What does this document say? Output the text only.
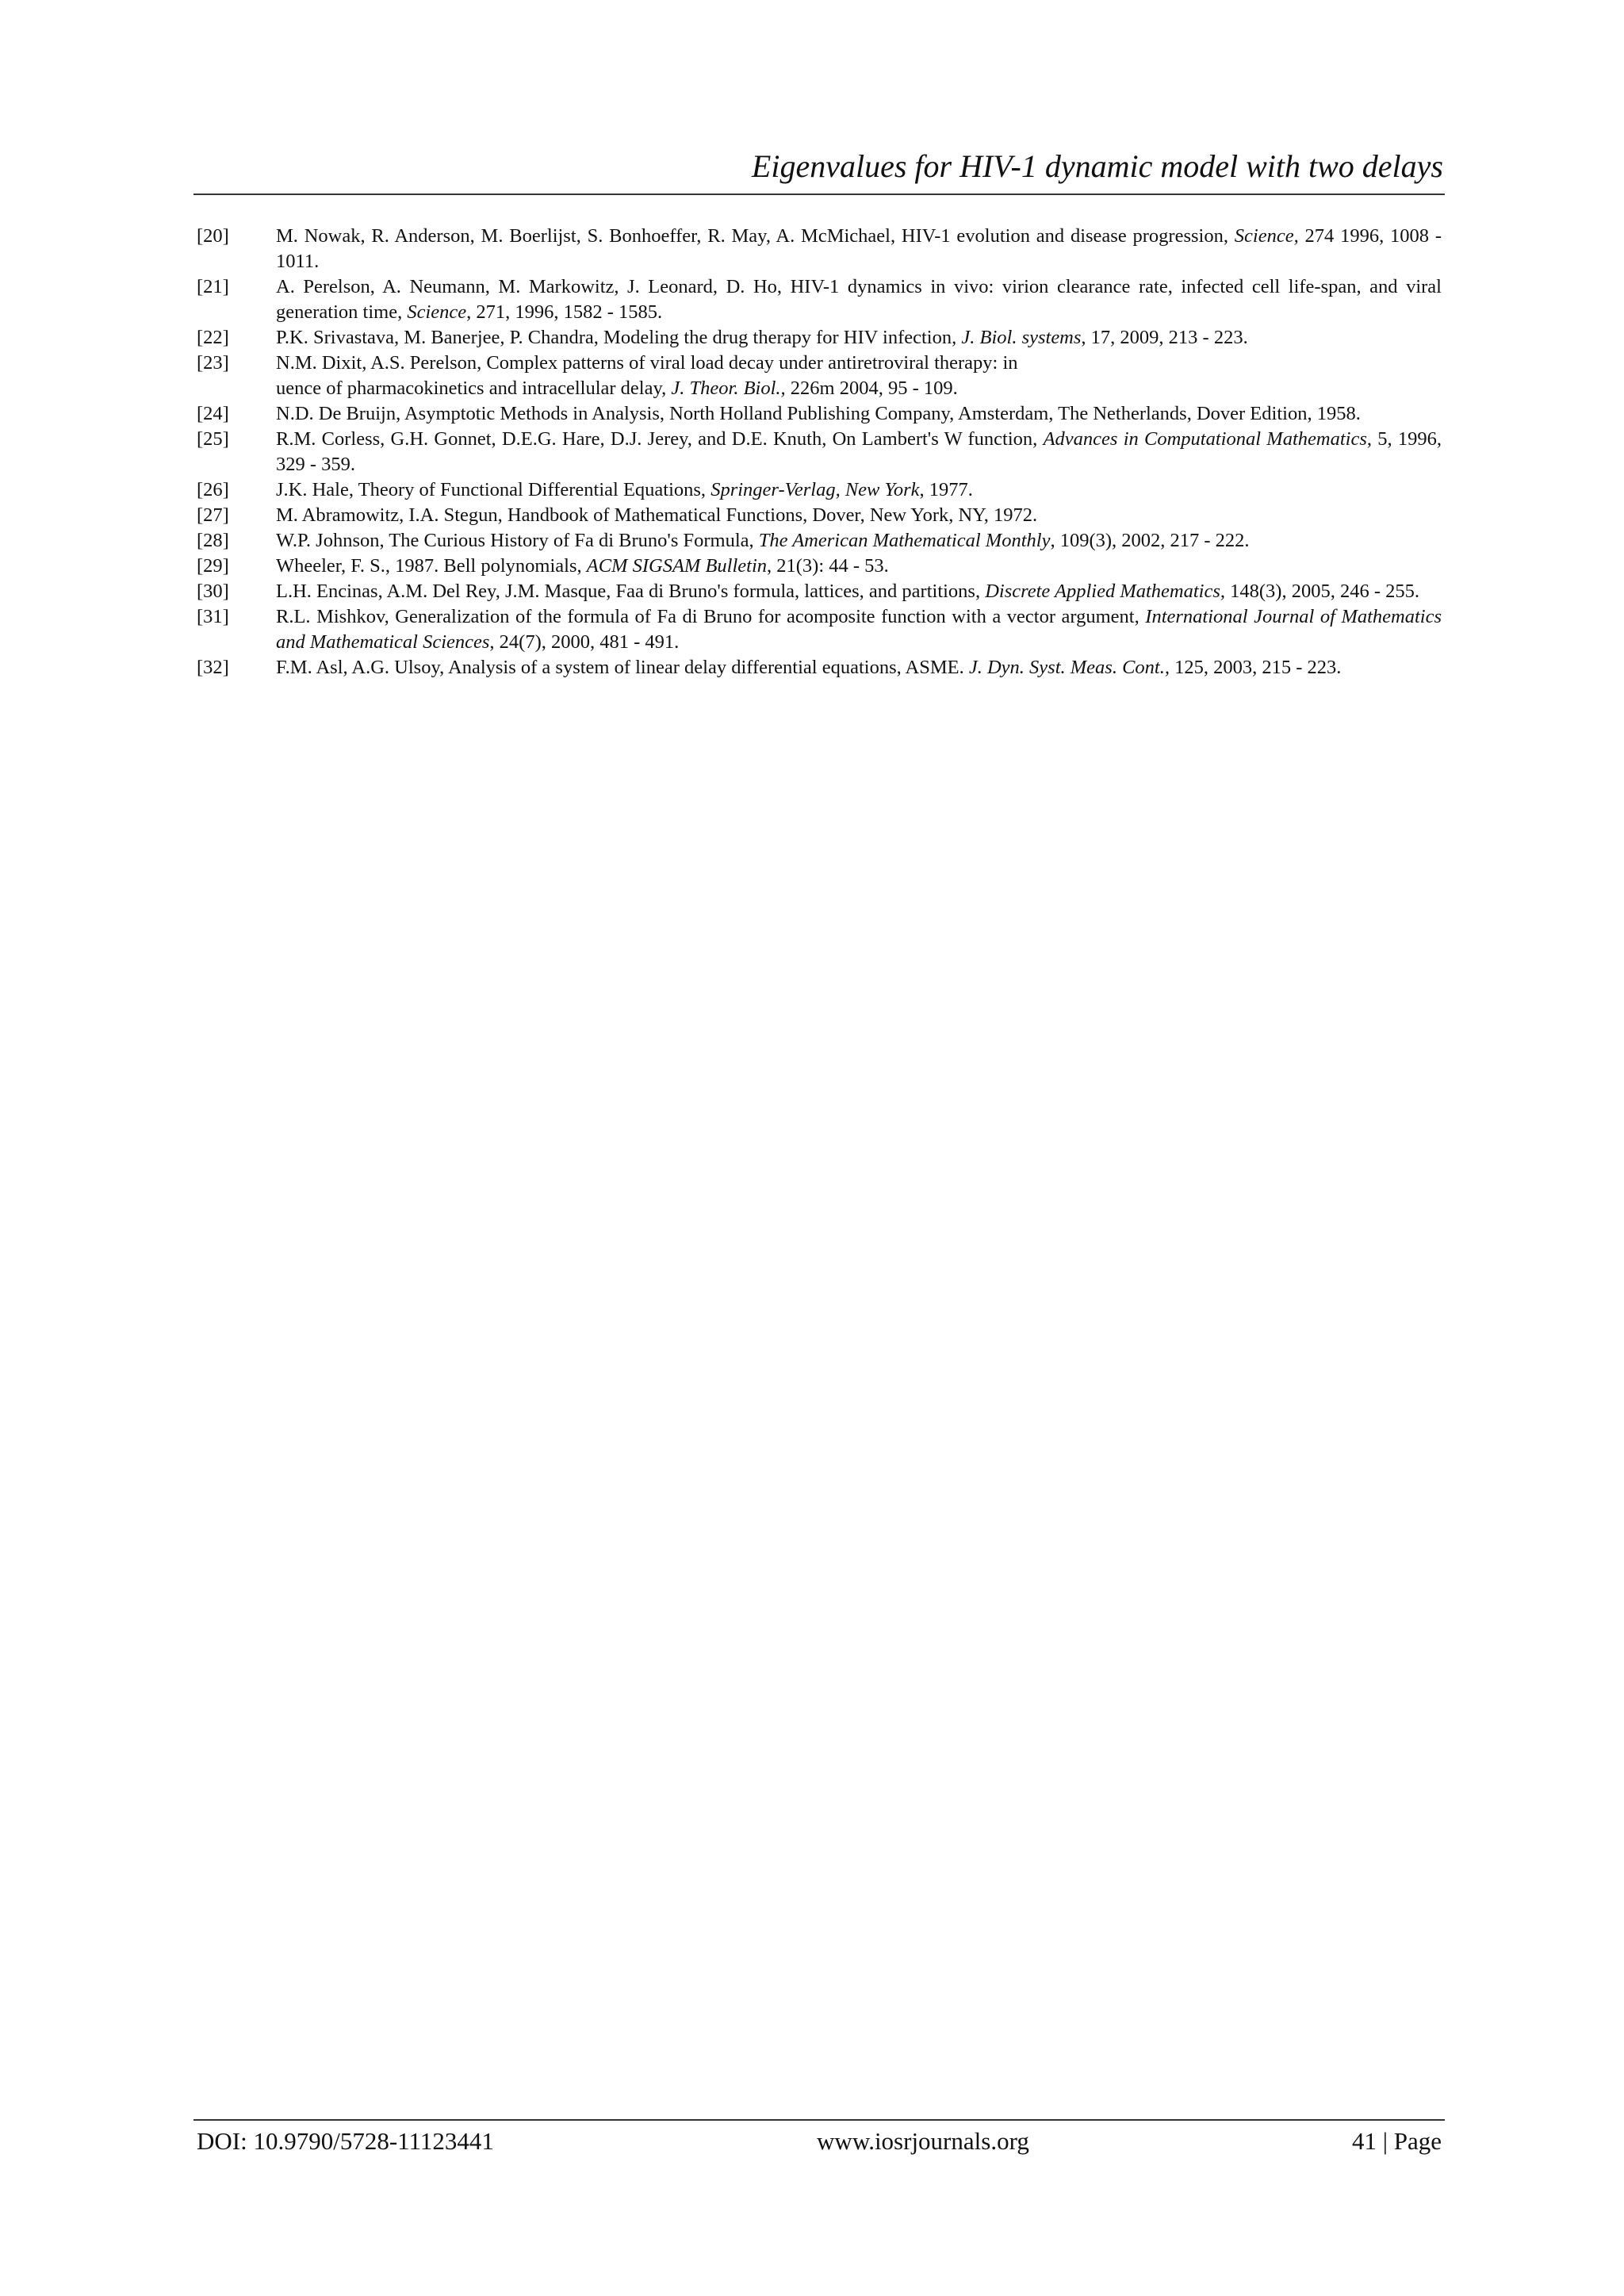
Eigenvalues for HIV-1 dynamic model with two delays
[20]	M. Nowak, R. Anderson, M. Boerlijst, S. Bonhoeffer, R. May, A. McMichael, HIV-1 evolution and disease progression, Science, 274 1996, 1008 - 1011.
[21]	A. Perelson, A. Neumann, M. Markowitz, J. Leonard, D. Ho, HIV-1 dynamics in vivo: virion clearance rate, infected cell life-span, and viral generation time, Science, 271, 1996, 1582 - 1585.
[22]	P.K. Srivastava, M. Banerjee, P. Chandra, Modeling the drug therapy for HIV infection, J. Biol. systems, 17, 2009, 213 - 223.
[23]	N.M. Dixit, A.S. Perelson, Complex patterns of viral load decay under antiretroviral therapy: in
uence of pharmacokinetics and intracellular delay, J. Theor. Biol., 226m 2004, 95 - 109.
[24]	N.D. De Bruijn, Asymptotic Methods in Analysis, North Holland Publishing Company, Amsterdam, The Netherlands, Dover Edition, 1958.
[25]	R.M. Corless, G.H. Gonnet, D.E.G. Hare, D.J. Jerey, and D.E. Knuth, On Lambert's W function, Advances in Computational Mathematics, 5, 1996, 329 - 359.
[26]	J.K. Hale, Theory of Functional Differential Equations, Springer-Verlag, New York, 1977.
[27]	M. Abramowitz, I.A. Stegun, Handbook of Mathematical Functions, Dover, New York, NY, 1972.
[28]	W.P. Johnson, The Curious History of Fa di Bruno's Formula, The American Mathematical Monthly, 109(3), 2002, 217 - 222.
[29]	Wheeler, F. S., 1987. Bell polynomials, ACM SIGSAM Bulletin, 21(3): 44 - 53.
[30]	L.H. Encinas, A.M. Del Rey, J.M. Masque, Faa di Bruno's formula, lattices, and partitions, Discrete Applied Mathematics, 148(3), 2005, 246 - 255.
[31]	R.L. Mishkov, Generalization of the formula of Fa di Bruno for acomposite function with a vector argument, International Journal of Mathematics and Mathematical Sciences, 24(7), 2000, 481 - 491.
[32]	F.M. Asl, A.G. Ulsoy, Analysis of a system of linear delay differential equations, ASME. J. Dyn. Syst. Meas. Cont., 125, 2003, 215 - 223.
DOI: 10.9790/5728-11123441	www.iosrjournals.org	41 | Page
